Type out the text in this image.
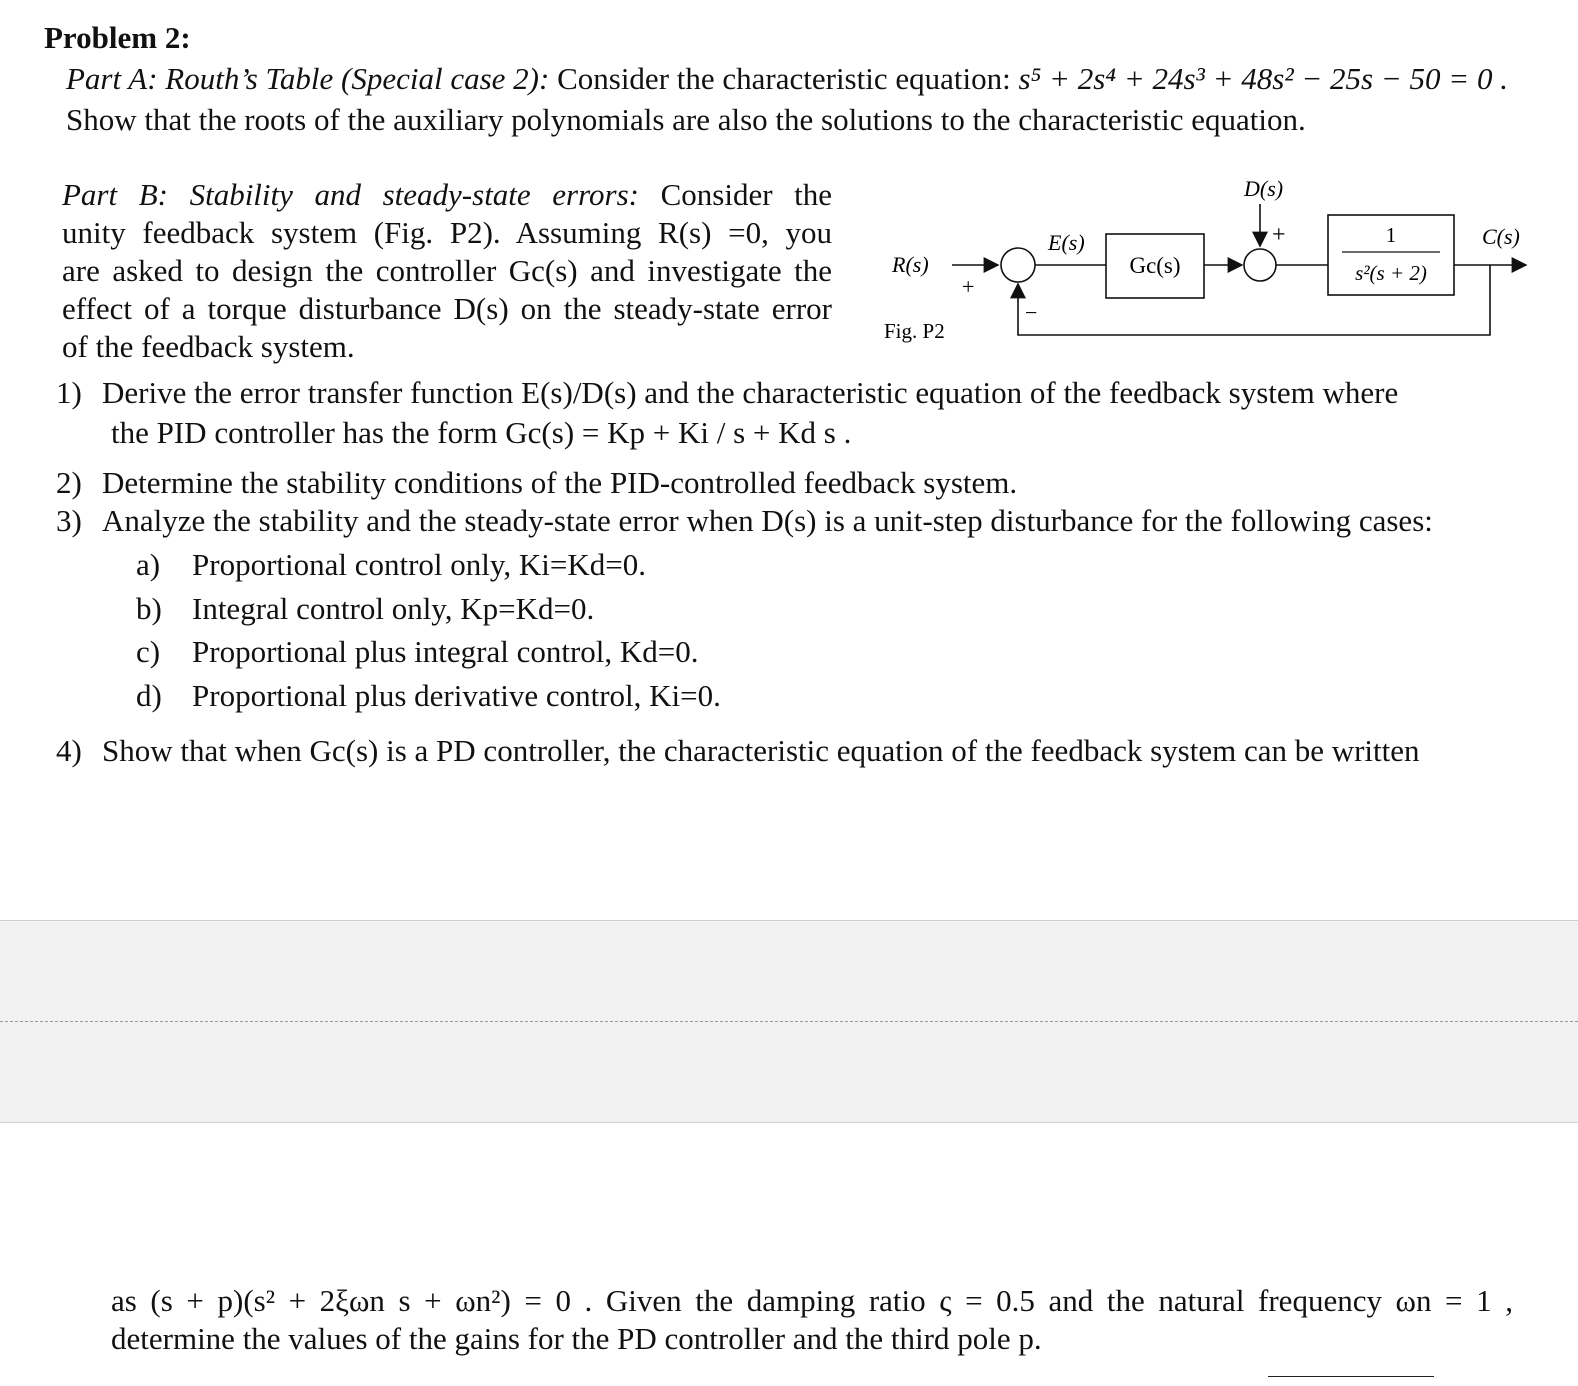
Problem 2:
Part A: Routh’s Table (Special case 2): Consider the characteristic equation: s⁵ + 2s⁴ + 24s³ + 48s² − 25s − 50 = 0 .
Show that the roots of the auxiliary polynomials are also the solutions to the characteristic equation.
Part B: Stability and steady-state errors: Consider the
unity feedback system (Fig. P2). Assuming R(s) =0, you
are asked to design the controller Gc(s) and investigate the
effect of a torque disturbance D(s) on the steady-state error
of the feedback system.
R(s)
+
−
E(s)
Gc(s)
D(s)
+	1
s²(s + 2)
C(s)
Fig. P2
1) Derive the error transfer function E(s)/D(s) and the characteristic equation of the feedback system where
the PID controller has the form Gc(s) = Kp + Ki / s + Kd s .
2) Determine the stability conditions of the PID-controlled feedback system.
3) Analyze the stability and the steady-state error when D(s) is a unit-step disturbance for the following cases:
a) Proportional control only, Ki=Kd=0.
b) Integral control only, Kp=Kd=0.
c) Proportional plus integral control, Kd=0.
d) Proportional plus derivative control, Ki=0.
4) Show that when Gc(s) is a PD controller, the characteristic equation of the feedback system can be written
as (s + p)(s² + 2ξωn s + ωn²) = 0 . Given the damping ratio ς = 0.5 and the natural frequency ωn = 1 ,
determine the values of the gains for the PD controller and the third pole p.
